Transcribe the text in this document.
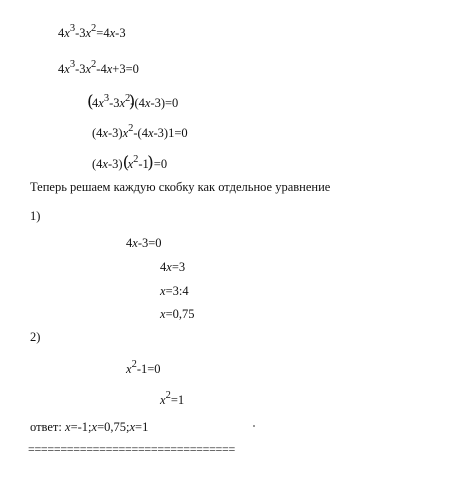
$4x^3-3x^2=4x-3$
$4x^3-3x^2-4x+3=0$
( $4x^3-3x^2$ )-(4x-3)=0
$(4x-3)x^2-(4x-3)1=0$
(4x-3)( $x^2-1$ ) =0
Теперь решаем каждую скобку как отдельное уравнение
1)
4x-3=0
4x=3
x=3:4
x=0,75
2)
$x^2-1=0$
$x^2=1$
ответ: x=-1;x=0,75;x=1
================================
